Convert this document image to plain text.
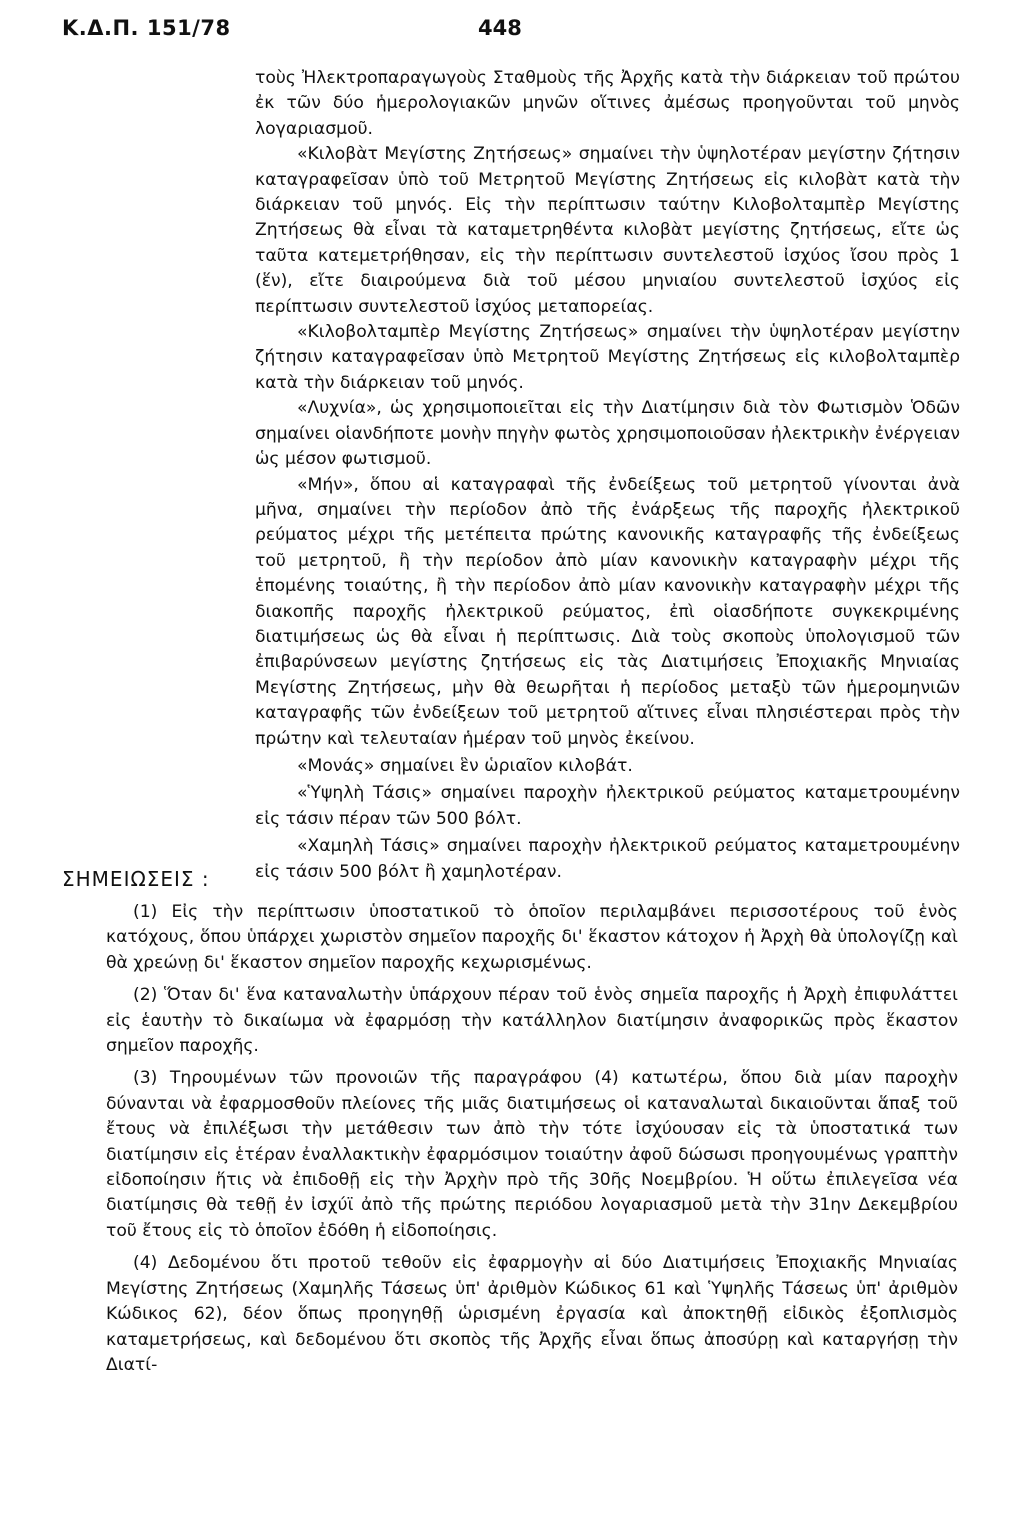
Κ.Δ.Π. 151/78	448

τοὺς Ἠλεκτροπαραγωγοὺς Σταθμοὺς τῆς Ἀρχῆς κατὰ τὴν διάρκειαν τοῦ πρώτου ἐκ τῶν δύο ἡμερολογιακῶν μηνῶν οἵτινες ἀμέσως προηγοῦνται τοῦ μηνὸς λογαριασμοῦ.

«Κιλοβὰτ Μεγίστης Ζητήσεως» σημαίνει τὴν ὑψηλοτέραν μεγίστην ζήτησιν καταγραφεῖσαν ὑπὸ τοῦ Μετρητοῦ Μεγίστης Ζητήσεως εἰς κιλοβὰτ κατὰ τὴν διάρκειαν τοῦ μηνός. Εἰς τὴν περίπτωσιν ταύτην Κιλοβολταμπὲρ Μεγίστης Ζητήσεως θὰ εἶναι τὰ καταμετρηθέντα κιλοβὰτ μεγίστης ζητήσεως, εἴτε ὡς ταῦτα κατεμετρήθησαν, εἰς τὴν περίπτωσιν συντελεστοῦ ἰσχύος ἴσου πρὸς 1 (ἕν), εἴτε διαιρούμενα διὰ τοῦ μέσου μηνιαίου συντελεστοῦ ἰσχύος εἰς περίπτωσιν συντελεστοῦ ἰσχύος μεταπορείας.

«Κιλοβολταμπὲρ Μεγίστης Ζητήσεως» σημαίνει τὴν ὑψηλοτέραν μεγίστην ζήτησιν καταγραφεῖσαν ὑπὸ Μετρητοῦ Μεγίστης Ζητήσεως εἰς κιλοβολταμπὲρ κατὰ τὴν διάρκειαν τοῦ μηνός.

«Λυχνία», ὡς χρησιμοποιεῖται εἰς τὴν Διατίμησιν διὰ τὸν Φωτισμὸν Ὁδῶν σημαίνει οἱανδήποτε μονὴν πηγὴν φωτὸς χρησιμοποιοῦσαν ἠλεκτρικὴν ἐνέργειαν ὡς μέσον φωτισμοῦ.

«Μήν», ὅπου αἱ καταγραφαὶ τῆς ἐνδείξεως τοῦ μετρητοῦ γίνονται ἀνὰ μῆνα, σημαίνει τὴν περίοδον ἀπὸ τῆς ἐνάρξεως τῆς παροχῆς ἠλεκτρικοῦ ρεύματος μέχρι τῆς μετέπειτα πρώτης κανονικῆς καταγραφῆς τῆς ἐνδείξεως τοῦ μετρητοῦ, ἢ τὴν περίοδον ἀπὸ μίαν κανονικὴν καταγραφὴν μέχρι τῆς ἑπομένης τοιαύτης, ἢ τὴν περίοδον ἀπὸ μίαν κανονικὴν καταγραφὴν μέχρι τῆς διακοπῆς παροχῆς ἠλεκτρικοῦ ρεύματος, ἐπὶ οἱασδήποτε συγκεκριμένης διατιμήσεως ὡς θὰ εἶναι ἡ περίπτωσις. Διὰ τοὺς σκοποὺς ὑπολογισμοῦ τῶν ἐπιβαρύνσεων μεγίστης ζητήσεως εἰς τὰς Διατιμήσεις Ἐποχιακῆς Μηνιαίας Μεγίστης Ζητήσεως, μὴν θὰ θεωρῆται ἡ περίοδος μεταξὺ τῶν ἡμερομηνιῶν καταγραφῆς τῶν ἐνδείξεων τοῦ μετρητοῦ αἵτινες εἶναι πλησιέστεραι πρὸς τὴν πρώτην καὶ τελευταίαν ἡμέραν τοῦ μηνὸς ἐκείνου.

«Μονάς» σημαίνει ἓν ὡριαῖον κιλοβάτ.

«Ὑψηλὴ Τάσις» σημαίνει παροχὴν ἠλεκτρικοῦ ρεύματος καταμετρουμένην εἰς τάσιν πέραν τῶν 500 βόλτ.

«Χαμηλὴ Τάσις» σημαίνει παροχὴν ἠλεκτρικοῦ ρεύματος καταμετρουμένην εἰς τάσιν 500 βόλτ ἢ χαμηλοτέραν.

ΣΗΜΕΙΩΣΕΙΣ :

(1) Εἰς τὴν περίπτωσιν ὑποστατικοῦ τὸ ὁποῖον περιλαμβάνει περισσοτέρους τοῦ ἑνὸς κατόχους, ὅπου ὑπάρχει χωριστὸν σημεῖον παροχῆς δι' ἕκαστον κάτοχον ἡ Ἀρχὴ θὰ ὑπολογίζῃ καὶ θὰ χρεώνῃ δι' ἕκαστον σημεῖον παροχῆς κεχωρισμένως.

(2) Ὅταν δι' ἕνα καταναλωτὴν ὑπάρχουν πέραν τοῦ ἑνὸς σημεῖα παροχῆς ἡ Ἀρχὴ ἐπιφυλάττει εἰς ἑαυτὴν τὸ δικαίωμα νὰ ἐφαρμόσῃ τὴν κατάλληλον διατίμησιν ἀναφορικῶς πρὸς ἕκαστον σημεῖον παροχῆς.

(3) Τηρουμένων τῶν προνοιῶν τῆς παραγράφου (4) κατωτέρω, ὅπου διὰ μίαν παροχὴν δύνανται νὰ ἐφαρμοσθοῦν πλείονες τῆς μιᾶς διατιμήσεως οἱ καταναλωταὶ δικαιοῦνται ἅπαξ τοῦ ἔτους νὰ ἐπιλέξωσι τὴν μετάθεσιν των ἀπὸ τὴν τότε ἰσχύουσαν εἰς τὰ ὑποστατικά των διατίμησιν εἰς ἑτέραν ἐναλλακτικὴν ἐφαρμόσιμον τοιαύτην ἀφοῦ δώσωσι προηγουμένως γραπτὴν εἰδοποίησιν ἥτις νὰ ἐπιδοθῇ εἰς τὴν Ἀρχὴν πρὸ τῆς 30ῆς Νοεμβρίου. Ἡ οὕτω ἐπιλεγεῖσα νέα διατίμησις θὰ τεθῇ ἐν ἰσχύϊ ἀπὸ τῆς πρώτης περιόδου λογαριασμοῦ μετὰ τὴν 31ην Δεκεμβρίου τοῦ ἔτους εἰς τὸ ὁποῖον ἐδόθη ἡ εἰδοποίησις.

(4) Δεδομένου ὅτι προτοῦ τεθοῦν εἰς ἐφαρμογὴν αἱ δύο Διατιμήσεις Ἐποχιακῆς Μηνιαίας Μεγίστης Ζητήσεως (Χαμηλῆς Τάσεως ὑπ' ἀριθμὸν Κώδικος 61 καὶ Ὑψηλῆς Τάσεως ὑπ' ἀριθμὸν Κώδικος 62), δέον ὅπως προηγηθῇ ὡρισμένη ἐργασία καὶ ἀποκτηθῇ εἰδικὸς ἐξοπλισμὸς καταμετρήσεως, καὶ δεδομένου ὅτι σκοπὸς τῆς Ἀρχῆς εἶναι ὅπως ἀποσύρῃ καὶ καταργήσῃ τὴν Διατί-
